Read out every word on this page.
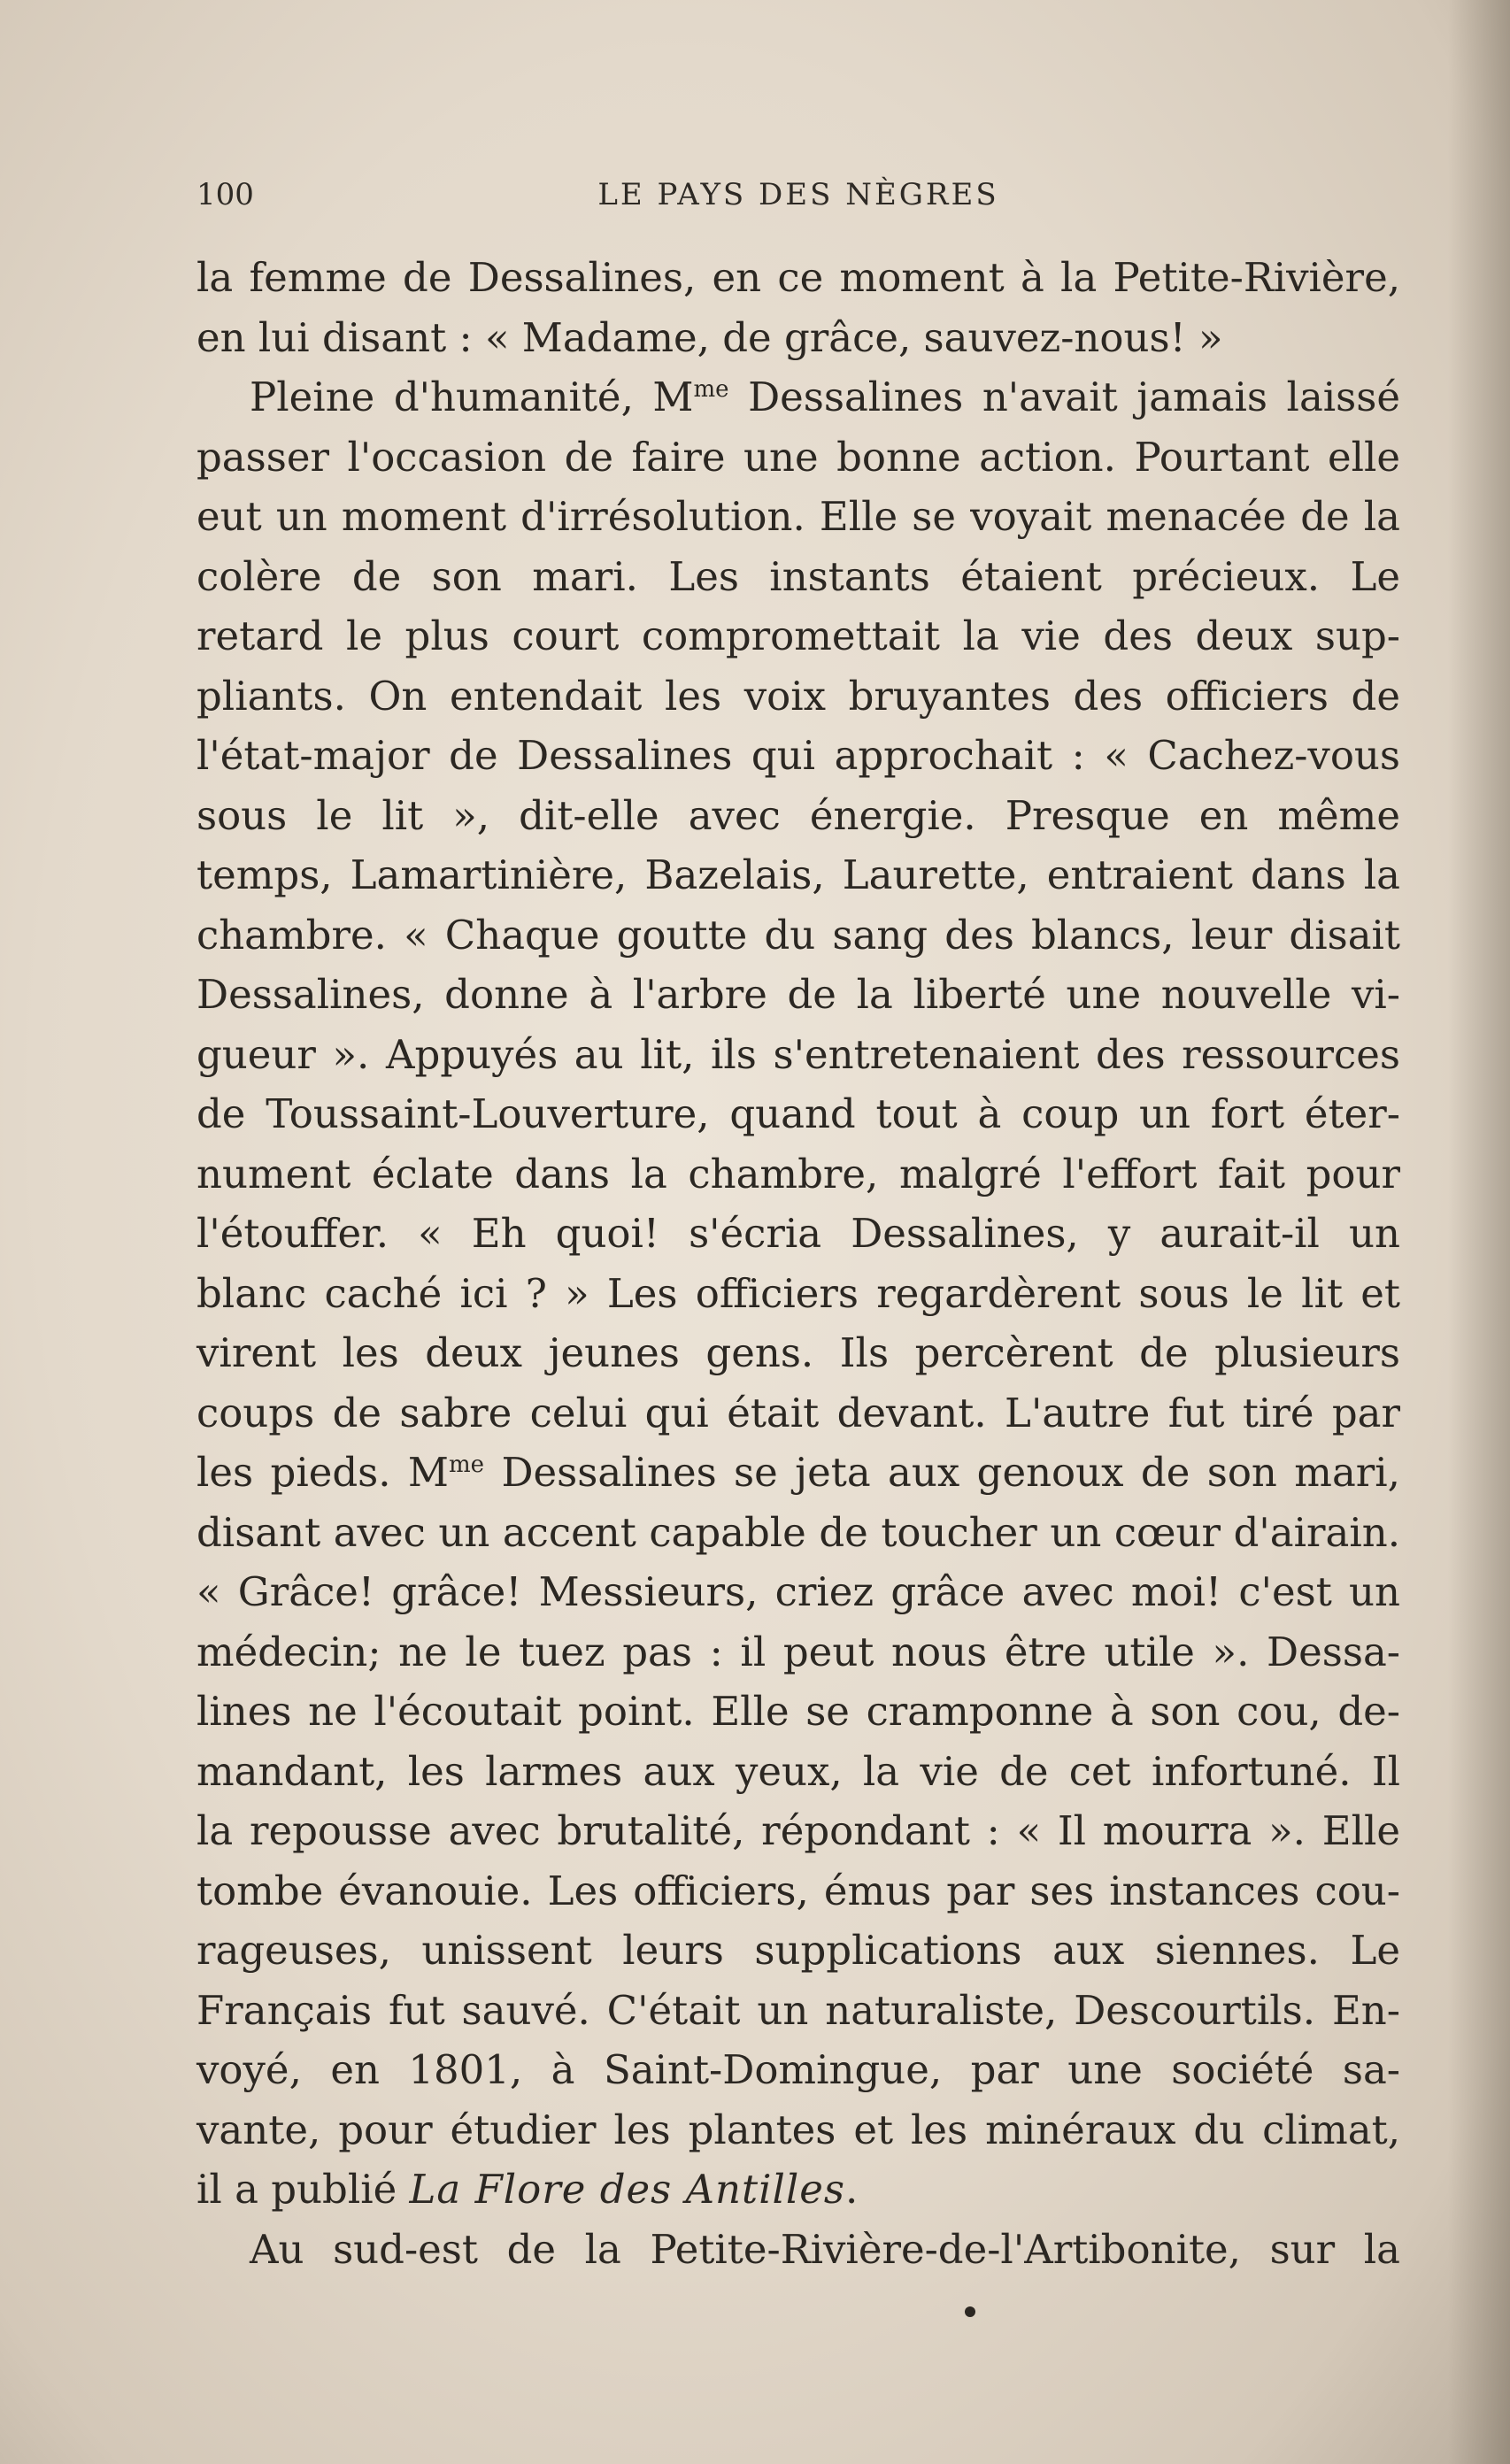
100	LE PAYS DES NÈGRES
la femme de Dessalines, en ce moment à la Petite-Rivière,
en lui disant : « Madame, de grâce, sauvez-nous! »
Pleine d'humanité, $M^{me}$ Dessalines n'avait jamais laissé
passer l'occasion de faire une bonne action. Pourtant elle
eut un moment d'irrésolution. Elle se voyait menacée de la
colère de son mari. Les instants étaient précieux. Le
retard le plus court compromettait la vie des deux sup-
pliants. On entendait les voix bruyantes des officiers de
l'état-major de Dessalines qui approchait : « Cachez-vous
sous le lit », dit-elle avec énergie. Presque en même
temps, Lamartinière, Bazelais, Laurette, entraient dans la
chambre. « Chaque goutte du sang des blancs, leur disait
Dessalines, donne à l'arbre de la liberté une nouvelle vi-
gueur ». Appuyés au lit, ils s'entretenaient des ressources
de Toussaint-Louverture, quand tout à coup un fort éter-
nument éclate dans la chambre, malgré l'effort fait pour
l'étouffer. « Eh quoi! s'écria Dessalines, y aurait-il un
blanc caché ici ? » Les officiers regardèrent sous le lit et
virent les deux jeunes gens. Ils percèrent de plusieurs
coups de sabre celui qui était devant. L'autre fut tiré par
les pieds. $M^{me}$ Dessalines se jeta aux genoux de son mari,
disant avec un accent capable de toucher un cœur d'airain.
« Grâce! grâce! Messieurs, criez grâce avec moi! c'est un
médecin; ne le tuez pas : il peut nous être utile ». Dessa-
lines ne l'écoutait point. Elle se cramponne à son cou, de-
mandant, les larmes aux yeux, la vie de cet infortuné. Il
la repousse avec brutalité, répondant : « Il mourra ». Elle
tombe évanouie. Les officiers, émus par ses instances cou-
rageuses, unissent leurs supplications aux siennes. Le
Français fut sauvé. C'était un naturaliste, Descourtils. En-
voyé, en 1801, à Saint-Domingue, par une société sa-
vante, pour étudier les plantes et les minéraux du climat,
il a publié La Flore des Antilles.
Au sud-est de la Petite-Rivière-de-l'Artibonite, sur la
